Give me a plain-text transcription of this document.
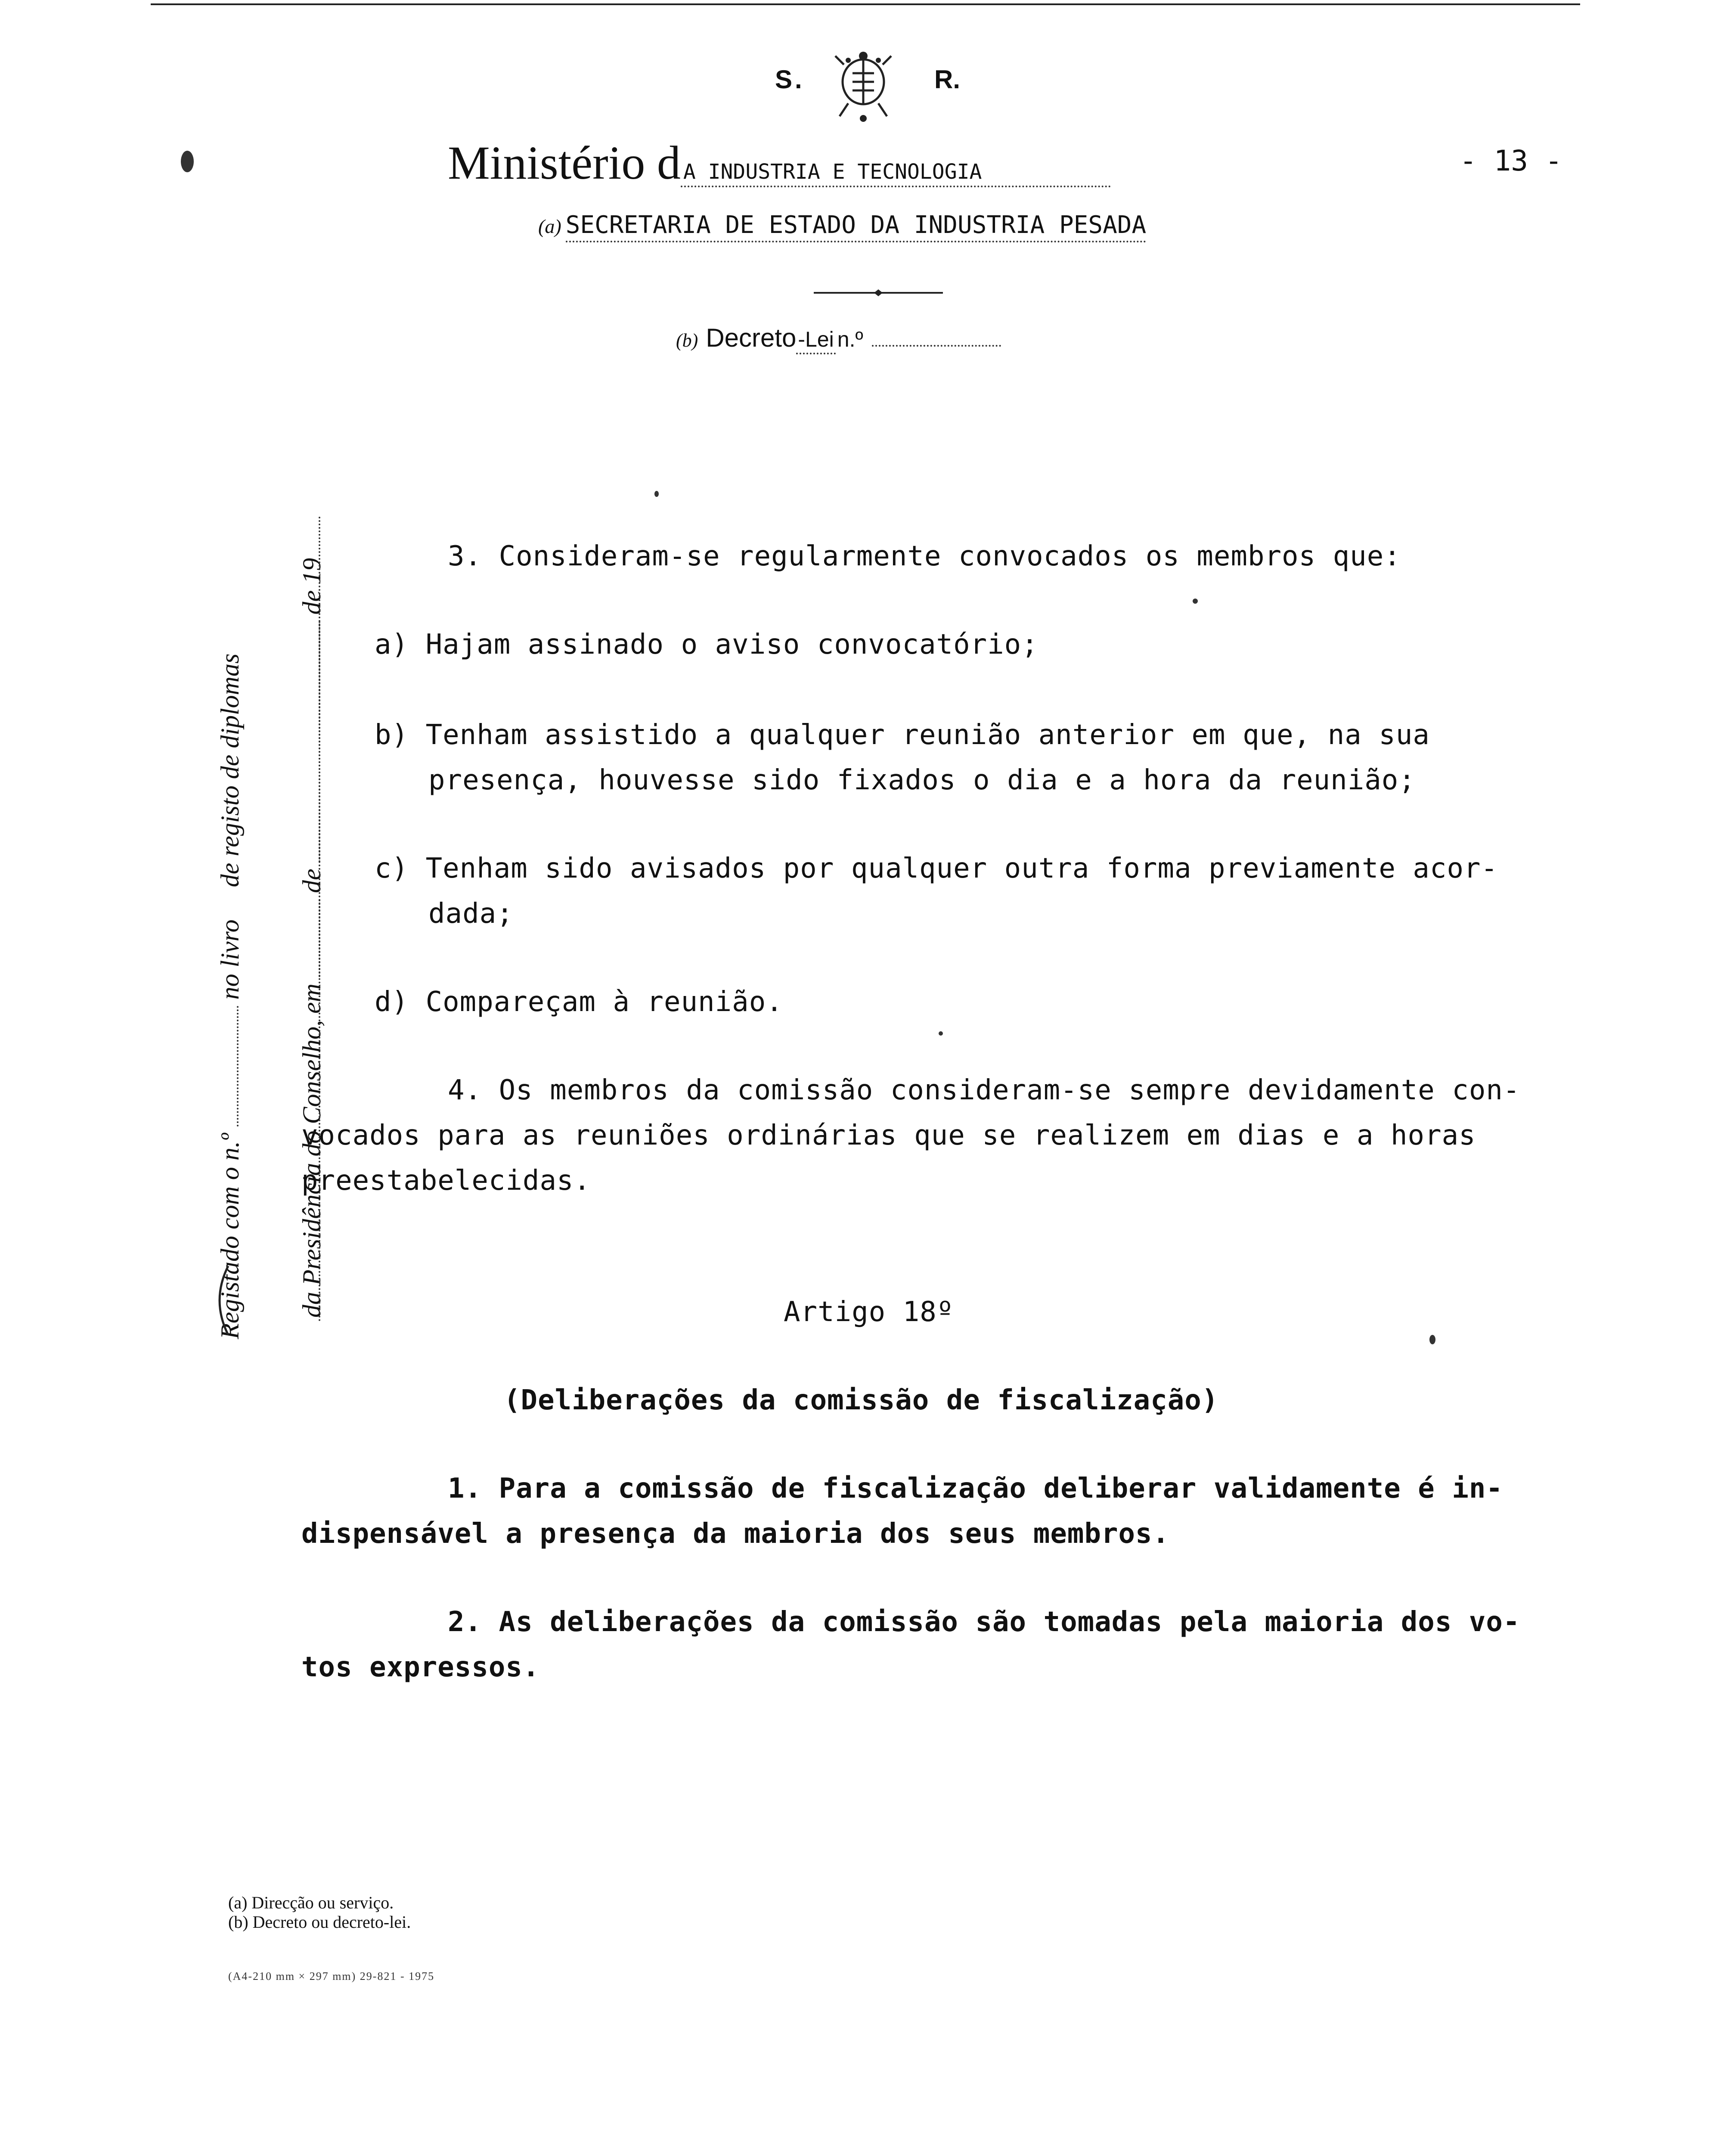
S.	R.
Ministério d A INDUSTRIA E TECNOLOGIA	- 13 -
(a) SECRETARIA DE ESTADO DA INDUSTRIA PESADA
(b) Decreto -Lei n.º
Registado com o n.º  no livro de registo de diplomas
da Presidência do Conselho, em  de  de 19
3. Consideram-se regularmente convocados os membros que:
a) Hajam assinado o aviso convocatório;
b) Tenham assistido a qualquer reunião anterior em que, na sua
presença, houvesse sido fixados o dia e a hora da reunião;
c) Tenham sido avisados por qualquer outra forma previamente acor-
dada;
d) Compareçam à reunião.
4. Os membros da comissão consideram-se sempre devidamente con-
vocados para as reuniões ordinárias que se realizem em dias e a horas
preestabelecidas.
Artigo 18º
(Deliberações da comissão de fiscalização)
1. Para a comissão de fiscalização deliberar validamente é in-
dispensável a presença da maioria dos seus membros.
2. As deliberações da comissão são tomadas pela maioria dos vo-
tos expressos.
(a) Direcção ou serviço.
(b) Decreto ou decreto-lei.
(A4-210 mm × 297 mm) 29-821 - 1975
